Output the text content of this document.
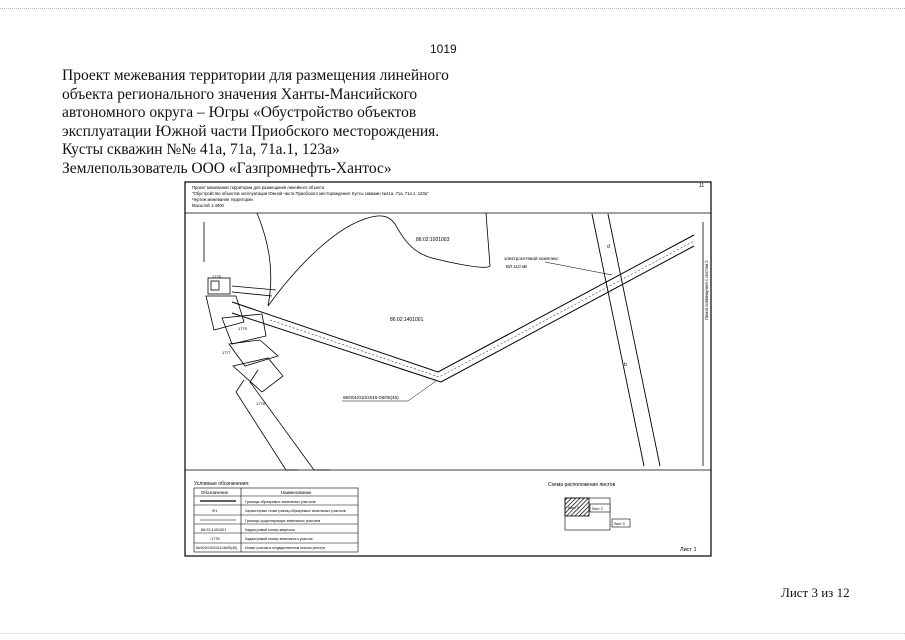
1019
Проект межевания территории для размещения линейного
объекта регионального значения Ханты-Мансийского
автономного округа – Югры «Обустройство объектов
эксплуатации Южной части Приобского месторождения.
Кусты скважин №№ 41а, 71а, 71а.1, 123а»
Землепользователь ООО «Газпромнефть-Хантос»
Проект межевания территории для размещения линейного объекта
"Обустройство объектов эксплуатации Южной части Приобского месторождения. Кусты скважин №41а, 71а, 71а.1, 123а"
Чертеж межевания территории
Масштаб 1:4000
11
86:02:1001003
Линия совмещения с листом 2
электросетевой комплекс
ВЛ 110 кВ
d
b
86:02:1401001
86/001/010/2016-06/05(46)
1776
1777
1778
1779
Условные обозначения:
Обозначение	Наименование
Границы образуемых земельных участков
Ф1	Характерные точки границ образуемых земельных участков
Границы существующих земельных участков
86:02:1401001	Кадастровый номер квартала
:1778	Кадастровый номер земельного участка
86/001/010/2016-06/05(46) Номер участка в государственном лесном реестре
Схема расположения листов
Лист 3	Лист 2
Лист 3
Лист 1
Лист 3 из 12
